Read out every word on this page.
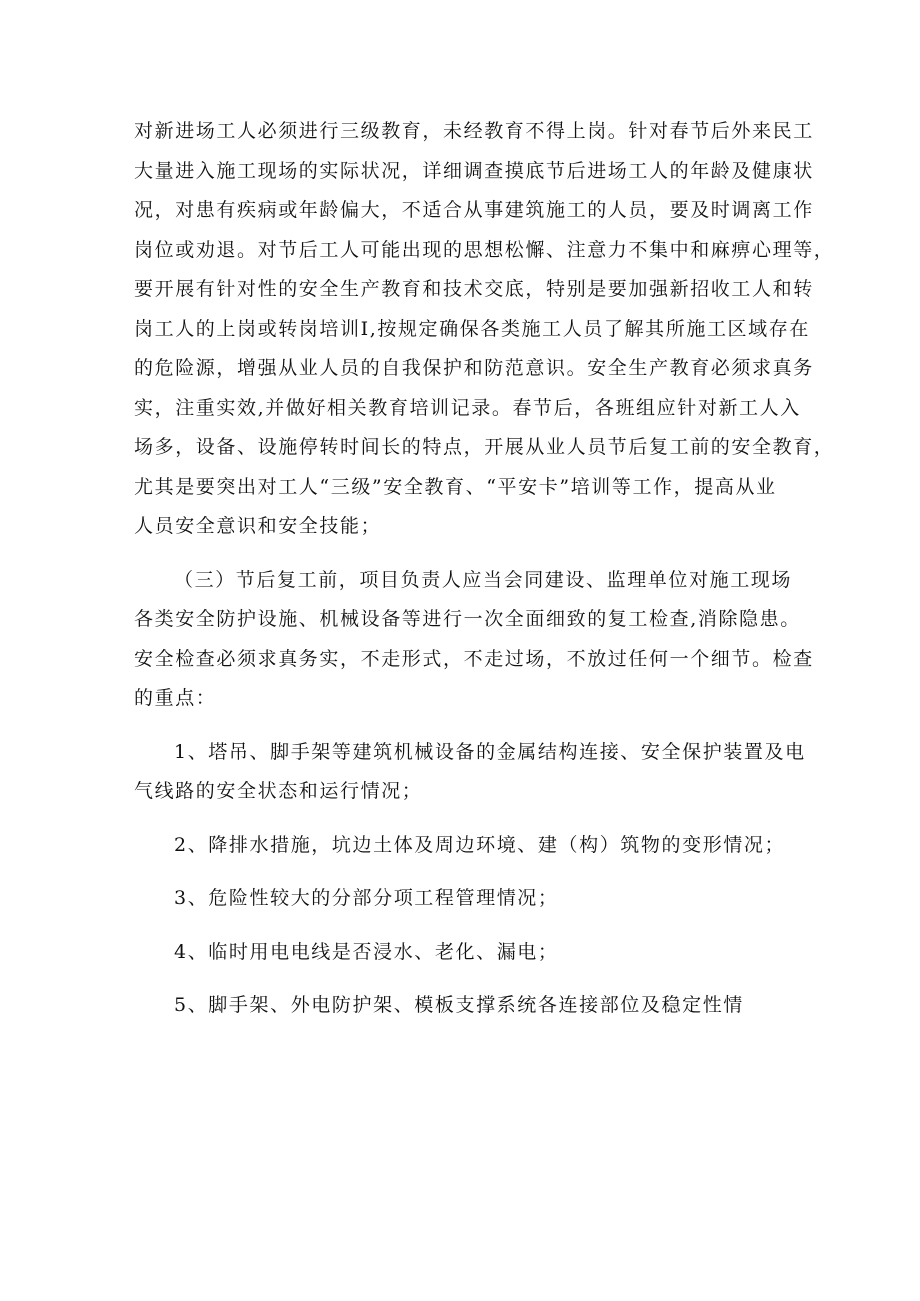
对新进场工人必须进行三级教育，未经教育不得上岗。针对春节后外来民工
大量进入施工现场的实际状况，详细调查摸底节后进场工人的年龄及健康状
况，对患有疾病或年龄偏大，不适合从事建筑施工的人员，要及时调离工作
岗位或劝退。对节后工人可能出现的思想松懈、注意力不集中和麻痹心理等，
要开展有针对性的安全生产教育和技术交底，特别是要加强新招收工人和转
岗工人的上岗或转岗培训I,按规定确保各类施工人员了解其所施工区域存在
的危险源，增强从业人员的自我保护和防范意识。安全生产教育必须求真务
实，注重实效,并做好相关教育培训记录。春节后，各班组应针对新工人入
场多，设备、设施停转时间长的特点，开展从业人员节后复工前的安全教育，
尤其是要突出对工人“三级”安全教育、“平安卡”培训等工作，提高从业
人员安全意识和安全技能；
（三）节后复工前，项目负责人应当会同建设、监理单位对施工现场
各类安全防护设施、机械设备等进行一次全面细致的复工检查,消除隐患。
安全检查必须求真务实，不走形式，不走过场，不放过任何一个细节。检查
的重点：
1、塔吊、脚手架等建筑机械设备的金属结构连接、安全保护装置及电
气线路的安全状态和运行情况；
2、降排水措施，坑边土体及周边环境、建（构）筑物的变形情况；
3、危险性较大的分部分项工程管理情况；
4、临时用电电线是否浸水、老化、漏电；
5、脚手架、外电防护架、模板支撑系统各连接部位及稳定性情
